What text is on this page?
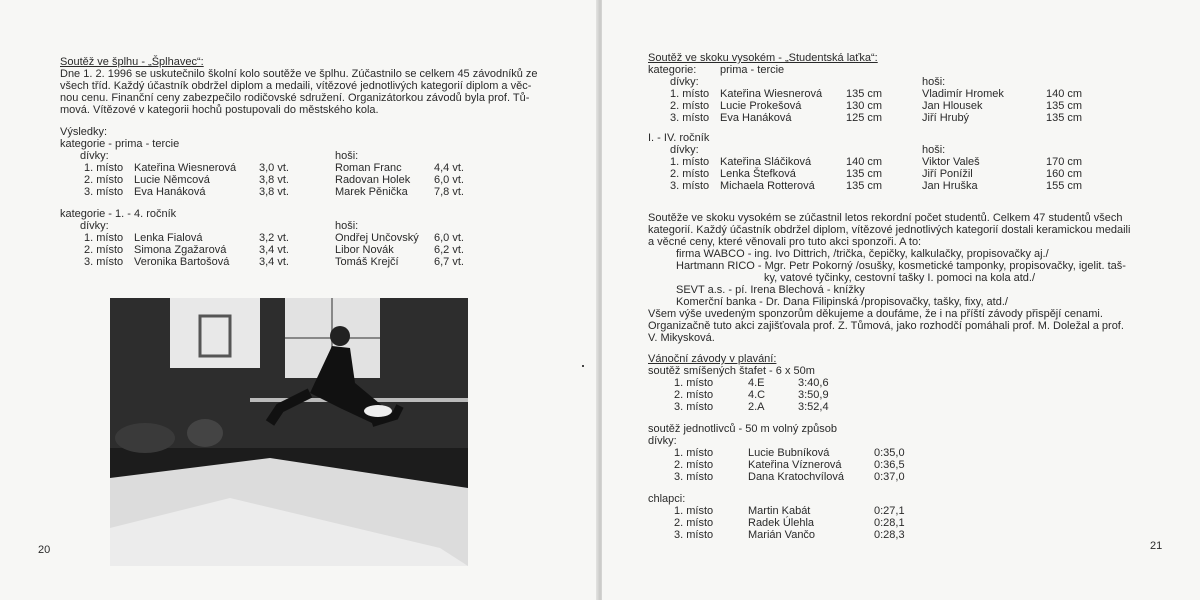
Soutěž ve šplhu - „Šplhavec“:
Dne 1. 2. 1996 se uskutečnilo školní kolo soutěže ve šplhu. Zúčastnilo se celkem 45 závodníků ze
všech tříd. Každý účastník obdržel diplom a medaili, vítězové jednotlivých kategorií diplom a věc-
nou cenu. Finanční ceny zabezpečilo rodičovské sdružení. Organizátorkou závodů byla prof. Tů-
mová. Vítězové v kategorii hochů postupovali do městského kola.
Výsledky:
kategorie - prima - tercie
dívky:	hoši:
1. místo Kateřina Wiesnerová 3,0 vt.	Roman Franc	4,4 vt.
2. místo Lucie Němcová	3,8 vt.	Radovan Holek 6,0 vt.
3. místo Eva Hanáková	3,8 vt.	Marek Pěnička 7,8 vt.
kategorie - 1. - 4. ročník
dívky:	hoši:
1. místo Lenka Fialová	3,2 vt.	Ondřej Unčovský 6,0 vt.
2. místo Simona Zgažarová	3,4 vt.	Libor Novák	6,2 vt.
3. místo Veronika Bartošová	3,4 vt.	Tomáš Krejčí	6,7 vt.
20
Soutěž ve skoku vysokém - „Studentská laťka“:
kategorie: prima - tercie
dívky:	hoši:
1. místo Kateřina Wiesnerová 135 cm	Vladimír Hromek	140 cm
2. místo Lucie Prokešová	130 cm	Jan Hlousek	135 cm
3. místo Eva Hanáková	125 cm	Jiří Hrubý	135 cm
I. - IV. ročník
dívky:	hoši:
1. místo Kateřina Sláčiková	140 cm	Viktor Valeš	170 cm
2. místo Lenka Štefková	135 cm	Jiří Ponížil	160 cm
3. místo Michaela Rotterová	135 cm	Jan Hruška	155 cm
Soutěže ve skoku vysokém se zúčastnil letos rekordní počet studentů. Celkem 47 studentů všech
kategorií. Každý účastník obdržel diplom, vítězové jednotlivých kategorií dostali keramickou medaili
a věcné ceny, které věnovali pro tuto akci sponzoři. A to:
firma WABCO - ing. Ivo Dittrich, /trička, čepičky, kalkulačky, propisovačky aj./
Hartmann RICO - Mgr. Petr Pokorný /osušky, kosmetické tamponky, propisovačky, igelit. taš-
ky, vatové tyčinky, cestovní tašky I. pomoci na kola atd./
SEVT a.s. - pí. Irena Blechová - knížky
Komerční banka - Dr. Dana Filipinská /propisovačky, tašky, fixy, atd./
Všem výše uvedeným sponzorům děkujeme a doufáme, že i na příští závody přispějí cenami.
Organizačně tuto akci zajišťovala prof. Z. Tůmová, jako rozhodčí pomáhali prof. M. Doležal a prof.
V. Mikysková.
Vánoční závody v plavání:
soutěž smíšených štafet - 6 x 50m
1. místo	4.E	3:40,6
2. místo	4.C	3:50,9
3. místo	2.A	3:52,4
soutěž jednotlivců - 50 m volný způsob
dívky:
1. místo	Lucie Bubníková	0:35,0
2. místo	Kateřina Víznerová	0:36,5
3. místo	Dana Kratochvílová	0:37,0
chlapci:
1. místo	Martin Kabát	0:27,1
2. místo	Radek Úlehla	0:28,1
3. místo	Marián Vančo	0:28,3
21
